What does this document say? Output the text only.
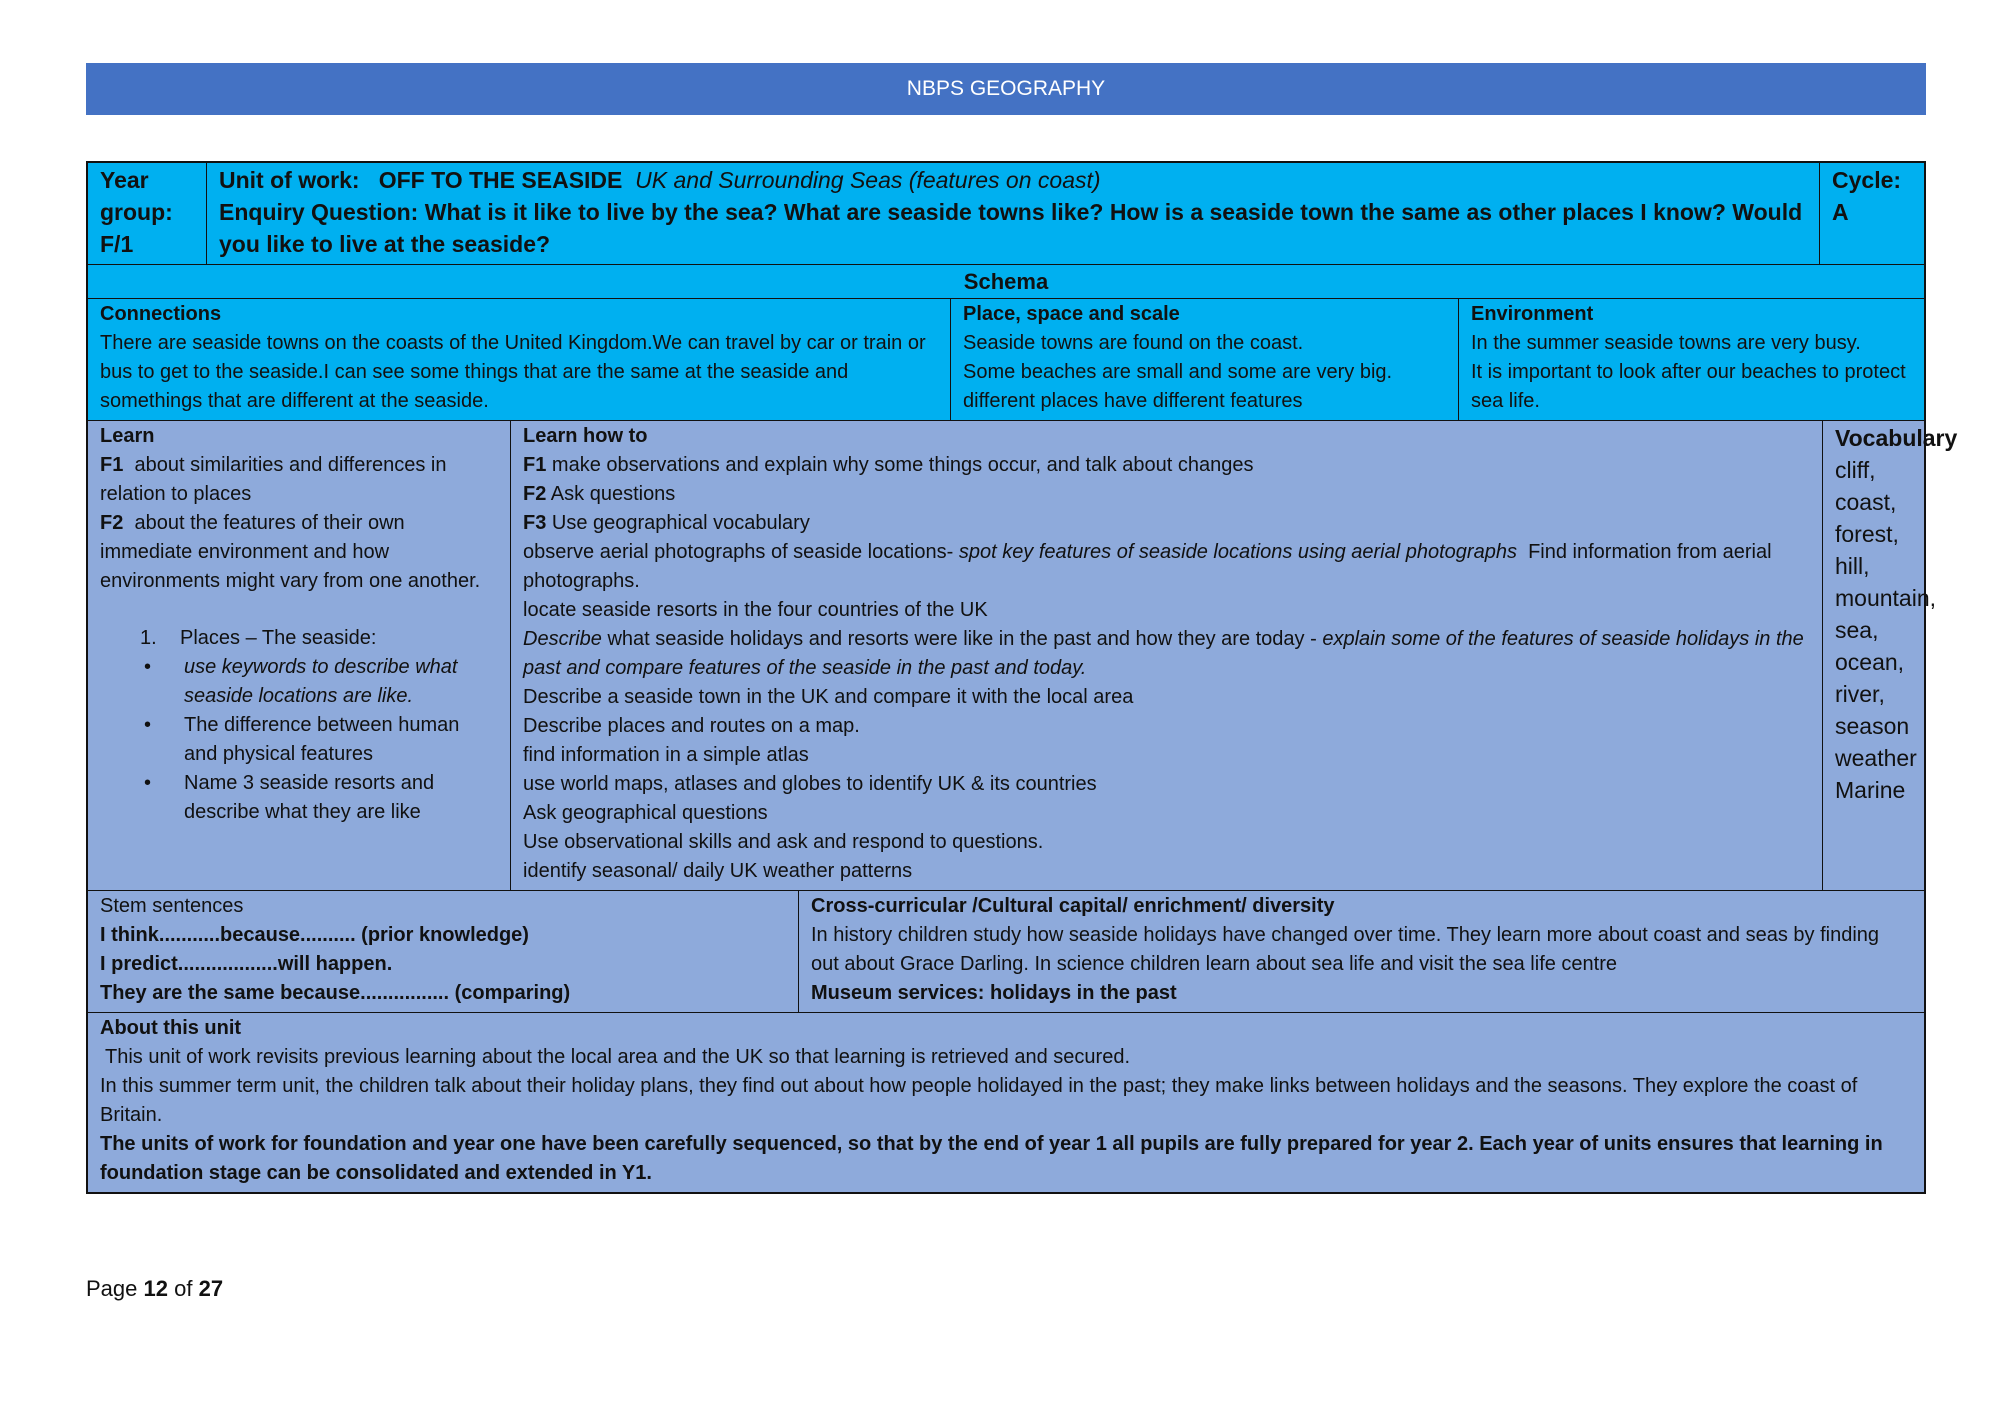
NBPS GEOGRAPHY
Year group: F/1
Unit of work: OFF TO THE SEASIDE UK and Surrounding Seas (features on coast)
Enquiry Question: What is it like to live by the sea? What are seaside towns like? How is a seaside town the same as other places I know? Would you like to live at the seaside?
Cycle:
A
Schema
Connections
There are seaside towns on the coasts of the United Kingdom.We can travel by car or train or bus to get to the seaside.I can see some things that are the same at the seaside and somethings that are different at the seaside.
Place, space and scale
Seaside towns are found on the coast.
Some beaches are small and some are very big.
different places have different features
Environment
In the summer seaside towns are very busy.
It is important to look after our beaches to protect sea life.
Learn
F1 about similarities and differences in relation to places
F2 about the features of their own immediate environment and how environments might vary from one another.
1. Places – The seaside:
• use keywords to describe what seaside locations are like.
• The difference between human and physical features
• Name 3 seaside resorts and describe what they are like
Learn how to
F1 make observations and explain why some things occur, and talk about changes
F2 Ask questions
F3 Use geographical vocabulary
observe aerial photographs of seaside locations- spot key features of seaside locations using aerial photographs Find information from aerial photographs.
locate seaside resorts in the four countries of the UK
Describe what seaside holidays and resorts were like in the past and how they are today - explain some of the features of seaside holidays in the past and compare features of the seaside in the past and today.
Describe a seaside town in the UK and compare it with the local area
Describe places and routes on a map.
find information in a simple atlas
use world maps, atlases and globes to identify UK & its countries
Ask geographical questions
Use observational skills and ask and respond to questions.
identify seasonal/ daily UK weather patterns
Vocabulary
cliff,
coast,
forest,
hill,
mountain,
sea,
ocean,
river,
season
weather
Marine
Stem sentences
I think...........because.......... (prior knowledge)
I predict..................will happen.
They are the same because................ (comparing)
Cross-curricular /Cultural capital/ enrichment/ diversity
In history children study how seaside holidays have changed over time. They learn more about coast and seas by finding out about Grace Darling. In science children learn about sea life and visit the sea life centre
Museum services: holidays in the past
About this unit
This unit of work revisits previous learning about the local area and the UK so that learning is retrieved and secured.
In this summer term unit, the children talk about their holiday plans, they find out about how people holidayed in the past; they make links between holidays and the seasons. They explore the coast of Britain.
The units of work for foundation and year one have been carefully sequenced, so that by the end of year 1 all pupils are fully prepared for year 2. Each year of units ensures that learning in foundation stage can be consolidated and extended in Y1.
Page 12 of 27
